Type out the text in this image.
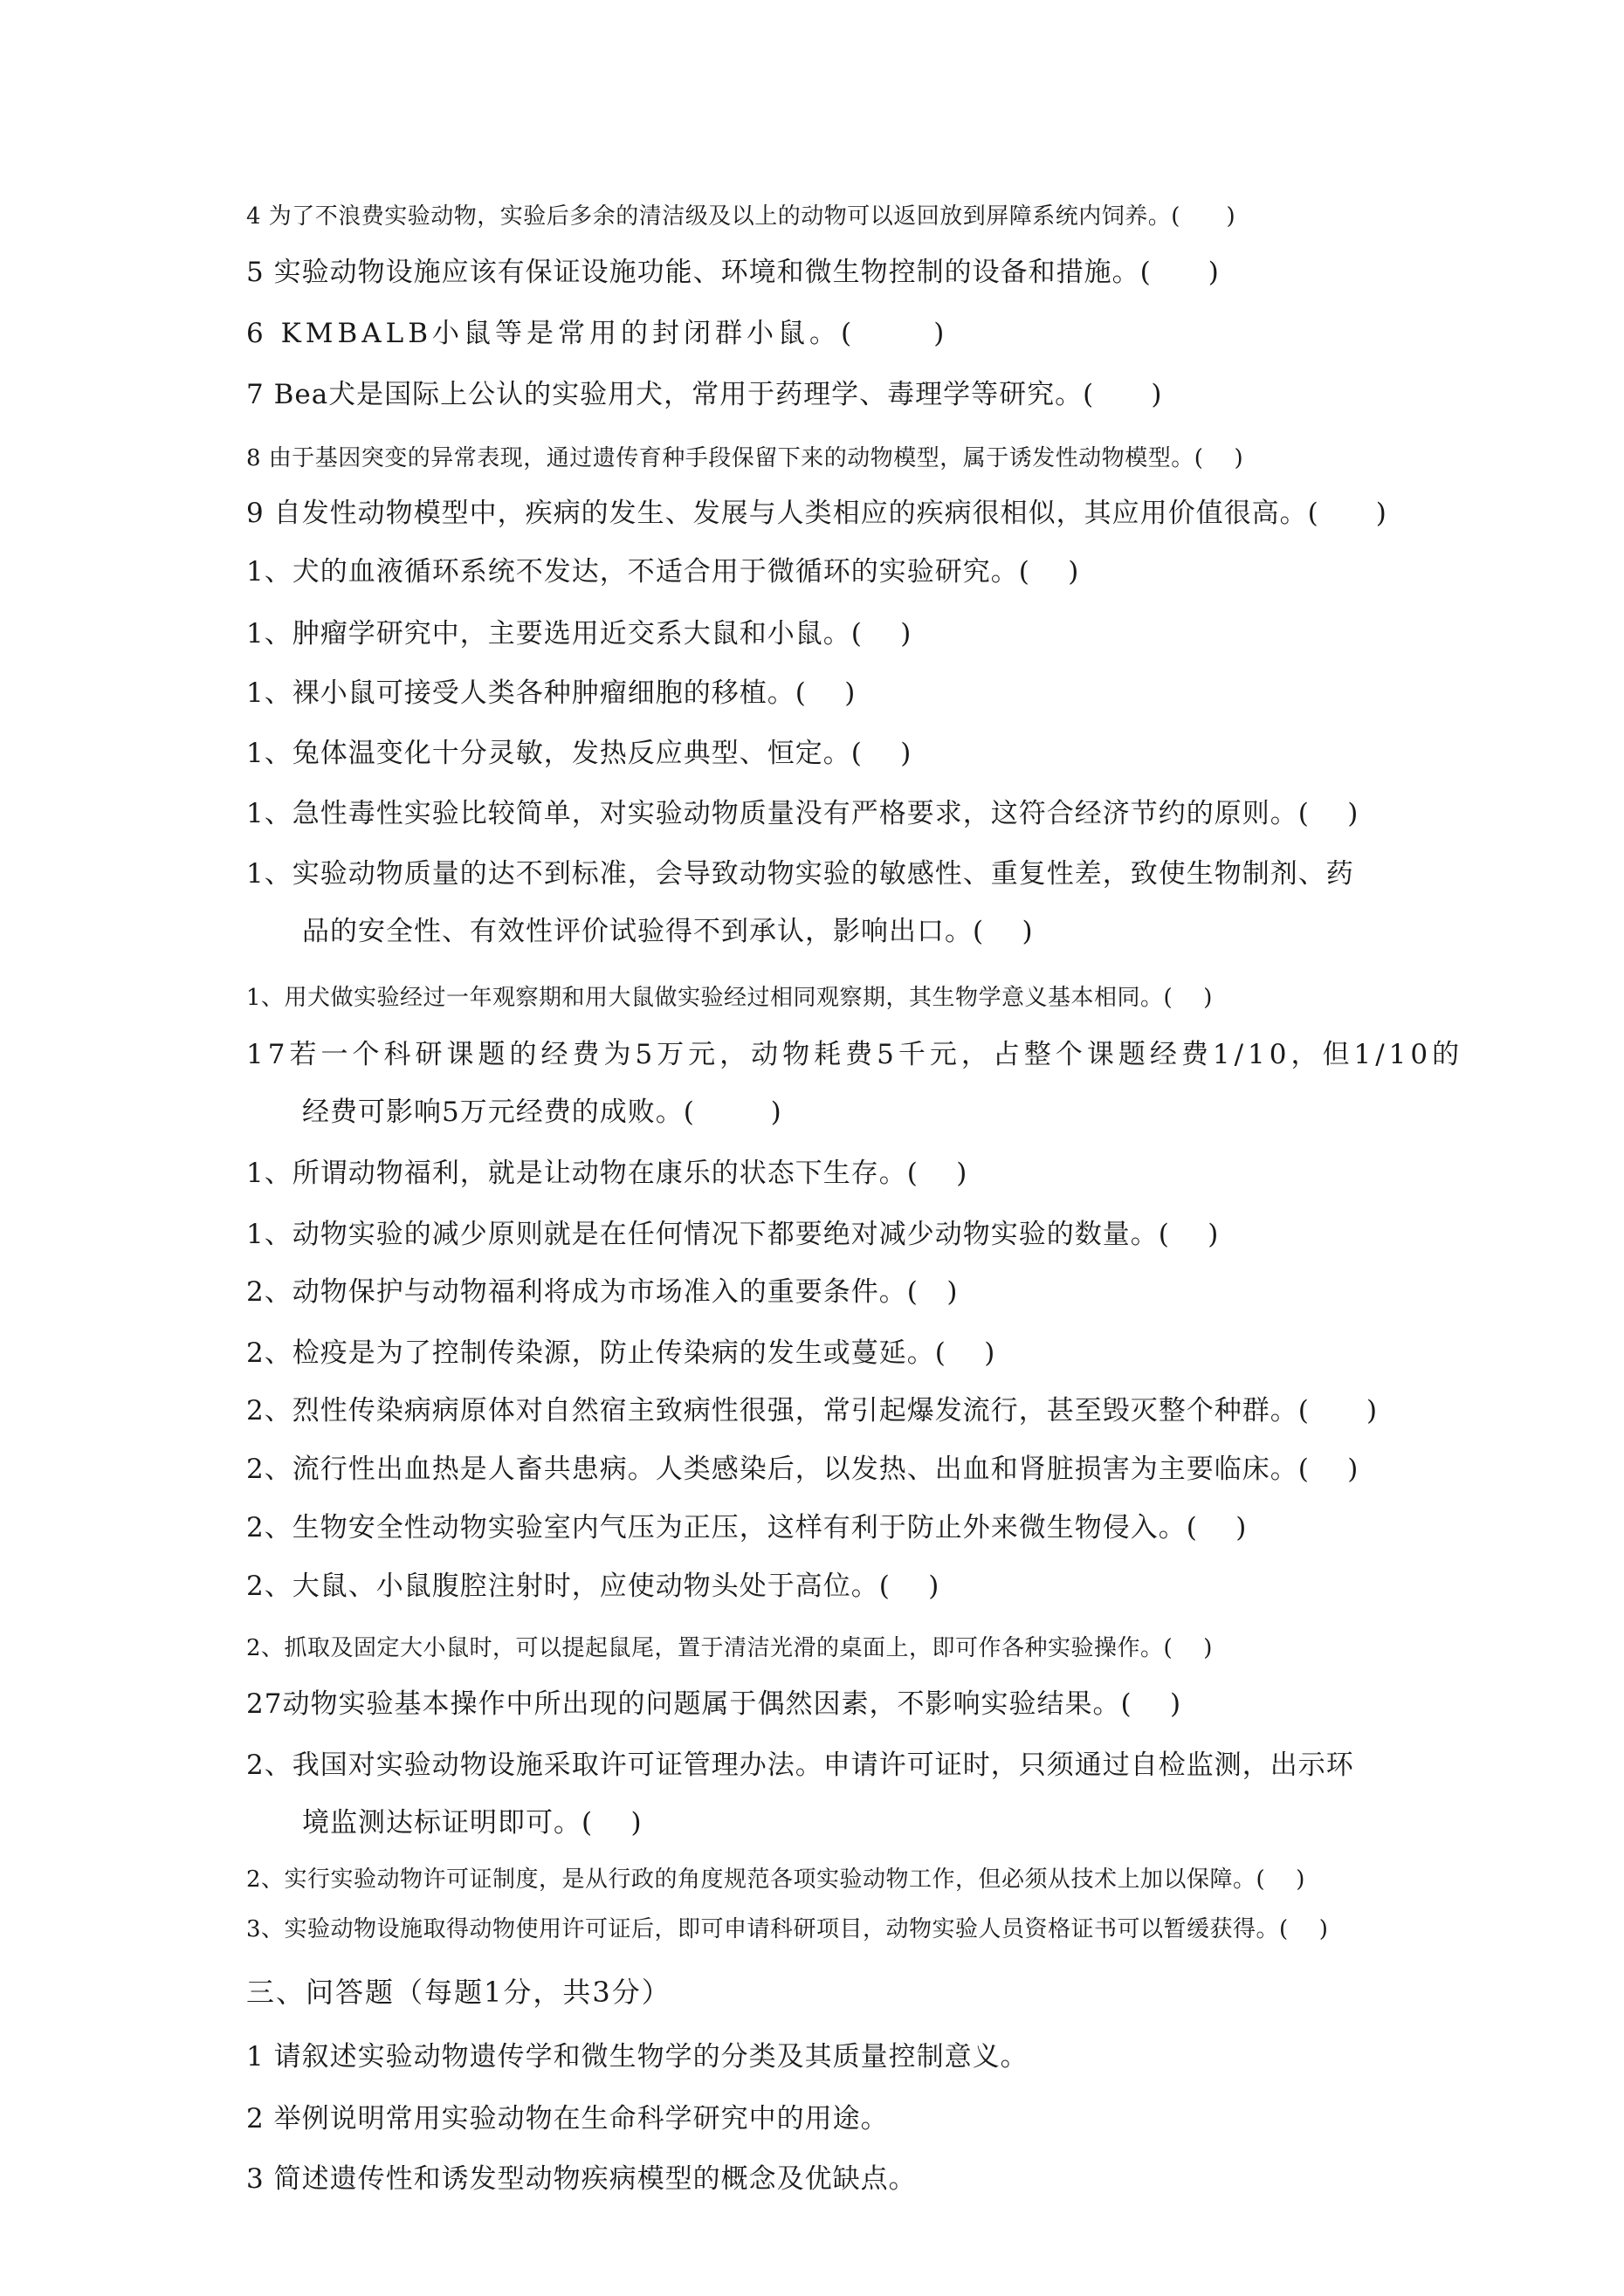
4 为了不浪费实验动物，实验后多余的清洁级及以上的动物可以返回放到屏障系统内饲养。(      )
5 实验动物设施应该有保证设施功能、环境和微生物控制的设备和措施。(      )
6 KMBALB小鼠等是常用的封闭群小鼠。(      )
7 Bea犬是国际上公认的实验用犬，常用于药理学、毒理学等研究。(      )
8 由于基因突变的异常表现，通过遗传育种手段保留下来的动物模型，属于诱发性动物模型。(    )
9 自发性动物模型中，疾病的发生、发展与人类相应的疾病很相似，其应用价值很高。(      )
1、犬的血液循环系统不发达，不适合用于微循环的实验研究。(    )
1、肿瘤学研究中，主要选用近交系大鼠和小鼠。(    )
1、裸小鼠可接受人类各种肿瘤细胞的移植。(    )
1、兔体温变化十分灵敏，发热反应典型、恒定。(    )
1、急性毒性实验比较简单，对实验动物质量没有严格要求，这符合经济节约的原则。(    )
1、实验动物质量的达不到标准，会导致动物实验的敏感性、重复性差，致使生物制剂、药
品的安全性、有效性评价试验得不到承认，影响出口。(    )
1、用犬做实验经过一年观察期和用大鼠做实验经过相同观察期，其生物学意义基本相同。(    )
17若一个科研课题的经费为5万元，动物耗费5千元，占整个课题经费1/10，但1/10的
经费可影响5万元经费的成败。(        )
1、所谓动物福利，就是让动物在康乐的状态下生存。(    )
1、动物实验的减少原则就是在任何情况下都要绝对减少动物实验的数量。(    )
2、动物保护与动物福利将成为市场准入的重要条件。(   )
2、检疫是为了控制传染源，防止传染病的发生或蔓延。(    )
2、烈性传染病病原体对自然宿主致病性很强，常引起爆发流行，甚至毁灭整个种群。(      )
2、流行性出血热是人畜共患病。人类感染后，以发热、出血和肾脏损害为主要临床。(    )
2、生物安全性动物实验室内气压为正压，这样有利于防止外来微生物侵入。(    )
2、大鼠、小鼠腹腔注射时，应使动物头处于高位。(    )
2、抓取及固定大小鼠时，可以提起鼠尾，置于清洁光滑的桌面上，即可作各种实验操作。(    )
27动物实验基本操作中所出现的问题属于偶然因素，不影响实验结果。(    )
2、我国对实验动物设施采取许可证管理办法。申请许可证时，只须通过自检监测，出示环
境监测达标证明即可。(    )
2、实行实验动物许可证制度，是从行政的角度规范各项实验动物工作，但必须从技术上加以保障。(    )
3、实验动物设施取得动物使用许可证后，即可申请科研项目，动物实验人员资格证书可以暂缓获得。(    )
三、问答题（每题1分，共3分）
1 请叙述实验动物遗传学和微生物学的分类及其质量控制意义。
2 举例说明常用实验动物在生命科学研究中的用途。
3 简述遗传性和诱发型动物疾病模型的概念及优缺点。
